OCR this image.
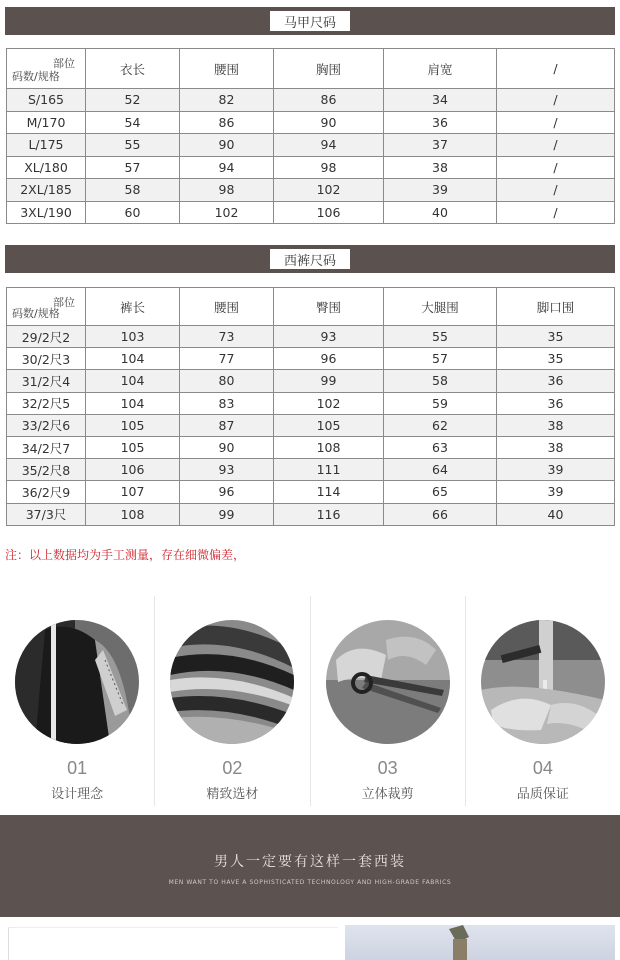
马甲尺码
部位
码数/规格	衣长	腰围	胸围	肩宽	/
S/165	52	82	86	34	/
M/170	54	86	90	36	/
L/175	55	90	94	37	/
XL/180	57	94	98	38	/
2XL/185	58	98	102	39	/
3XL/190	60	102	106	40	/
西裤尺码
部位
码数/规格	裤长	腰围	臀围	大腿围	脚口围
29/2尺2	103	73	93	55	35
30/2尺3	104	77	96	57	35
31/2尺4	104	80	99	58	36
32/2尺5	104	83	102	59	36
33/2尺6	105	87	105	62	38
34/2尺7	105	90	108	63	38
35/2尺8	106	93	111	64	39
36/2尺9	107	96	114	65	39
37/3尺	108	99	116	66	40
注：以上数据均为手工测量，存在细微偏差，
01
设计理念
02
精致选材
03
立体裁剪
04
品质保证
男人一定要有这样一套西装
MEN WANT TO HAVE A SOPHISTICATED TECHNOLOGY AND HIGH-GRADE FABRICS
